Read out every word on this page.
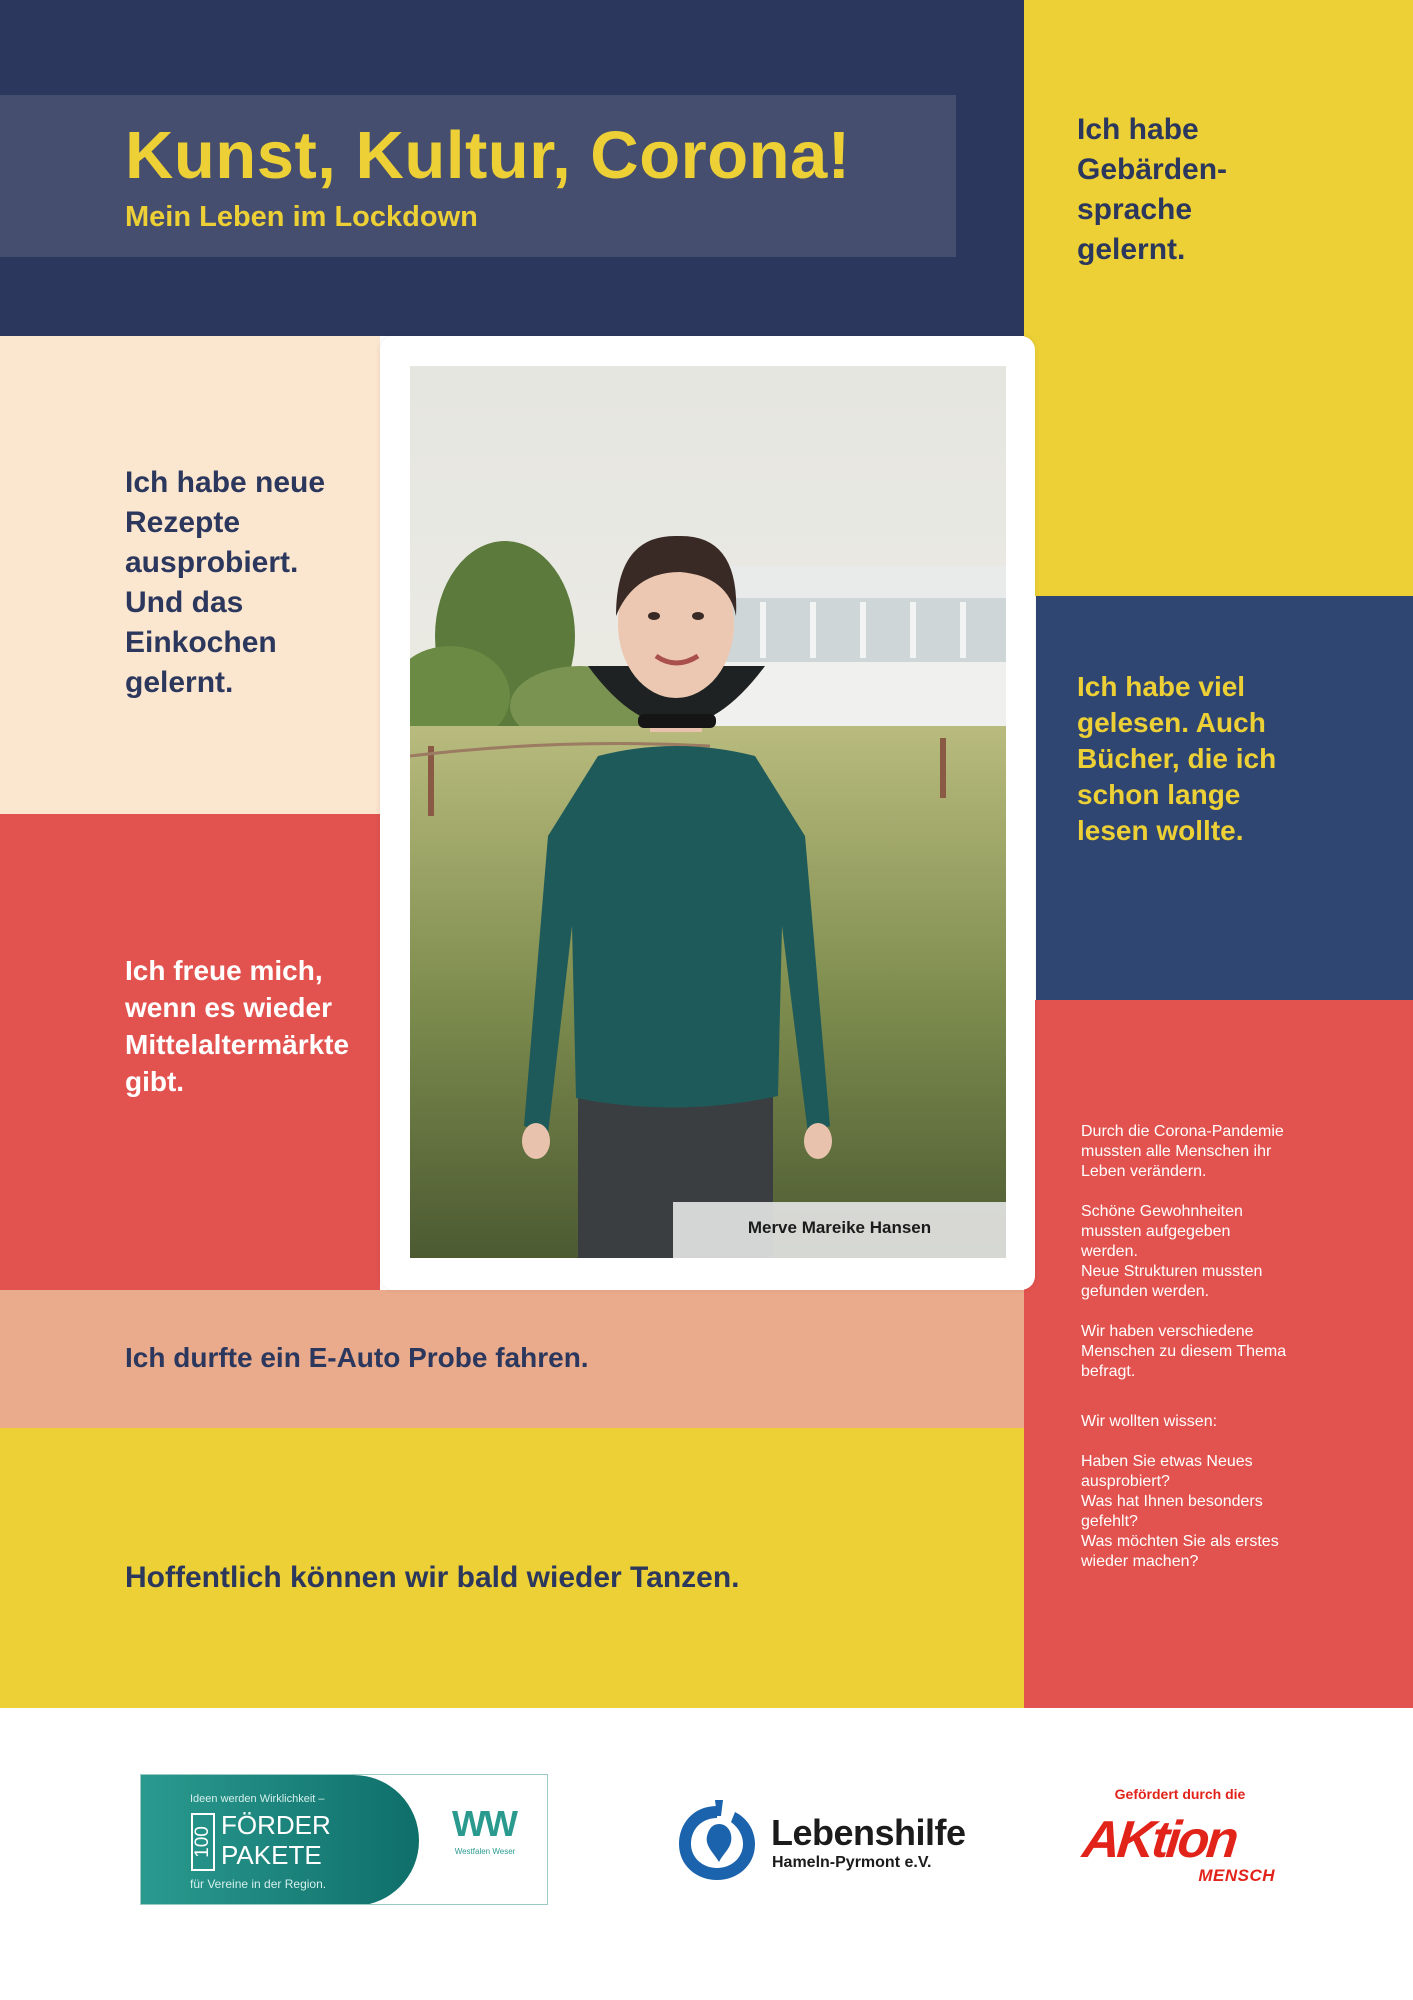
Kunst, Kultur, Corona!
Mein Leben im Lockdown
Ich habe
Gebärden-
sprache
gelernt.
Ich habe neue
Rezepte
ausprobiert.
Und das
Einkochen
gelernt.
Ich freue mich,
wenn es wieder
Mittelaltermärkte
gibt.
Ich habe viel
gelesen. Auch
Bücher, die ich
schon lange
lesen wollte.
Ich durfte ein E-Auto Probe fahren.
Hoffentlich können wir bald wieder Tanzen.

Durch die Corona-Pandemie
mussten alle Menschen ihr
Leben verändern.

Schöne Gewohnheiten
mussten aufgegeben
werden.
Neue Strukturen mussten
gefunden werden.

Wir haben verschiedene
Menschen zu diesem Thema
befragt.

Wir wollten wissen:

Haben Sie etwas Neues
ausprobiert?
Was hat Ihnen besonders
gefehlt?
Was möchten Sie als erstes
wieder machen?

Merve Mareike Hansen
Ideen werden Wirklichkeit –
100
FÖRDER
PAKETE
für Vereine in der Region.
WW
Westfalen Weser	Lebenshilfe
Hameln-Pyrmont e.V.
Gefördert durch die
AKtion
MENSCH
